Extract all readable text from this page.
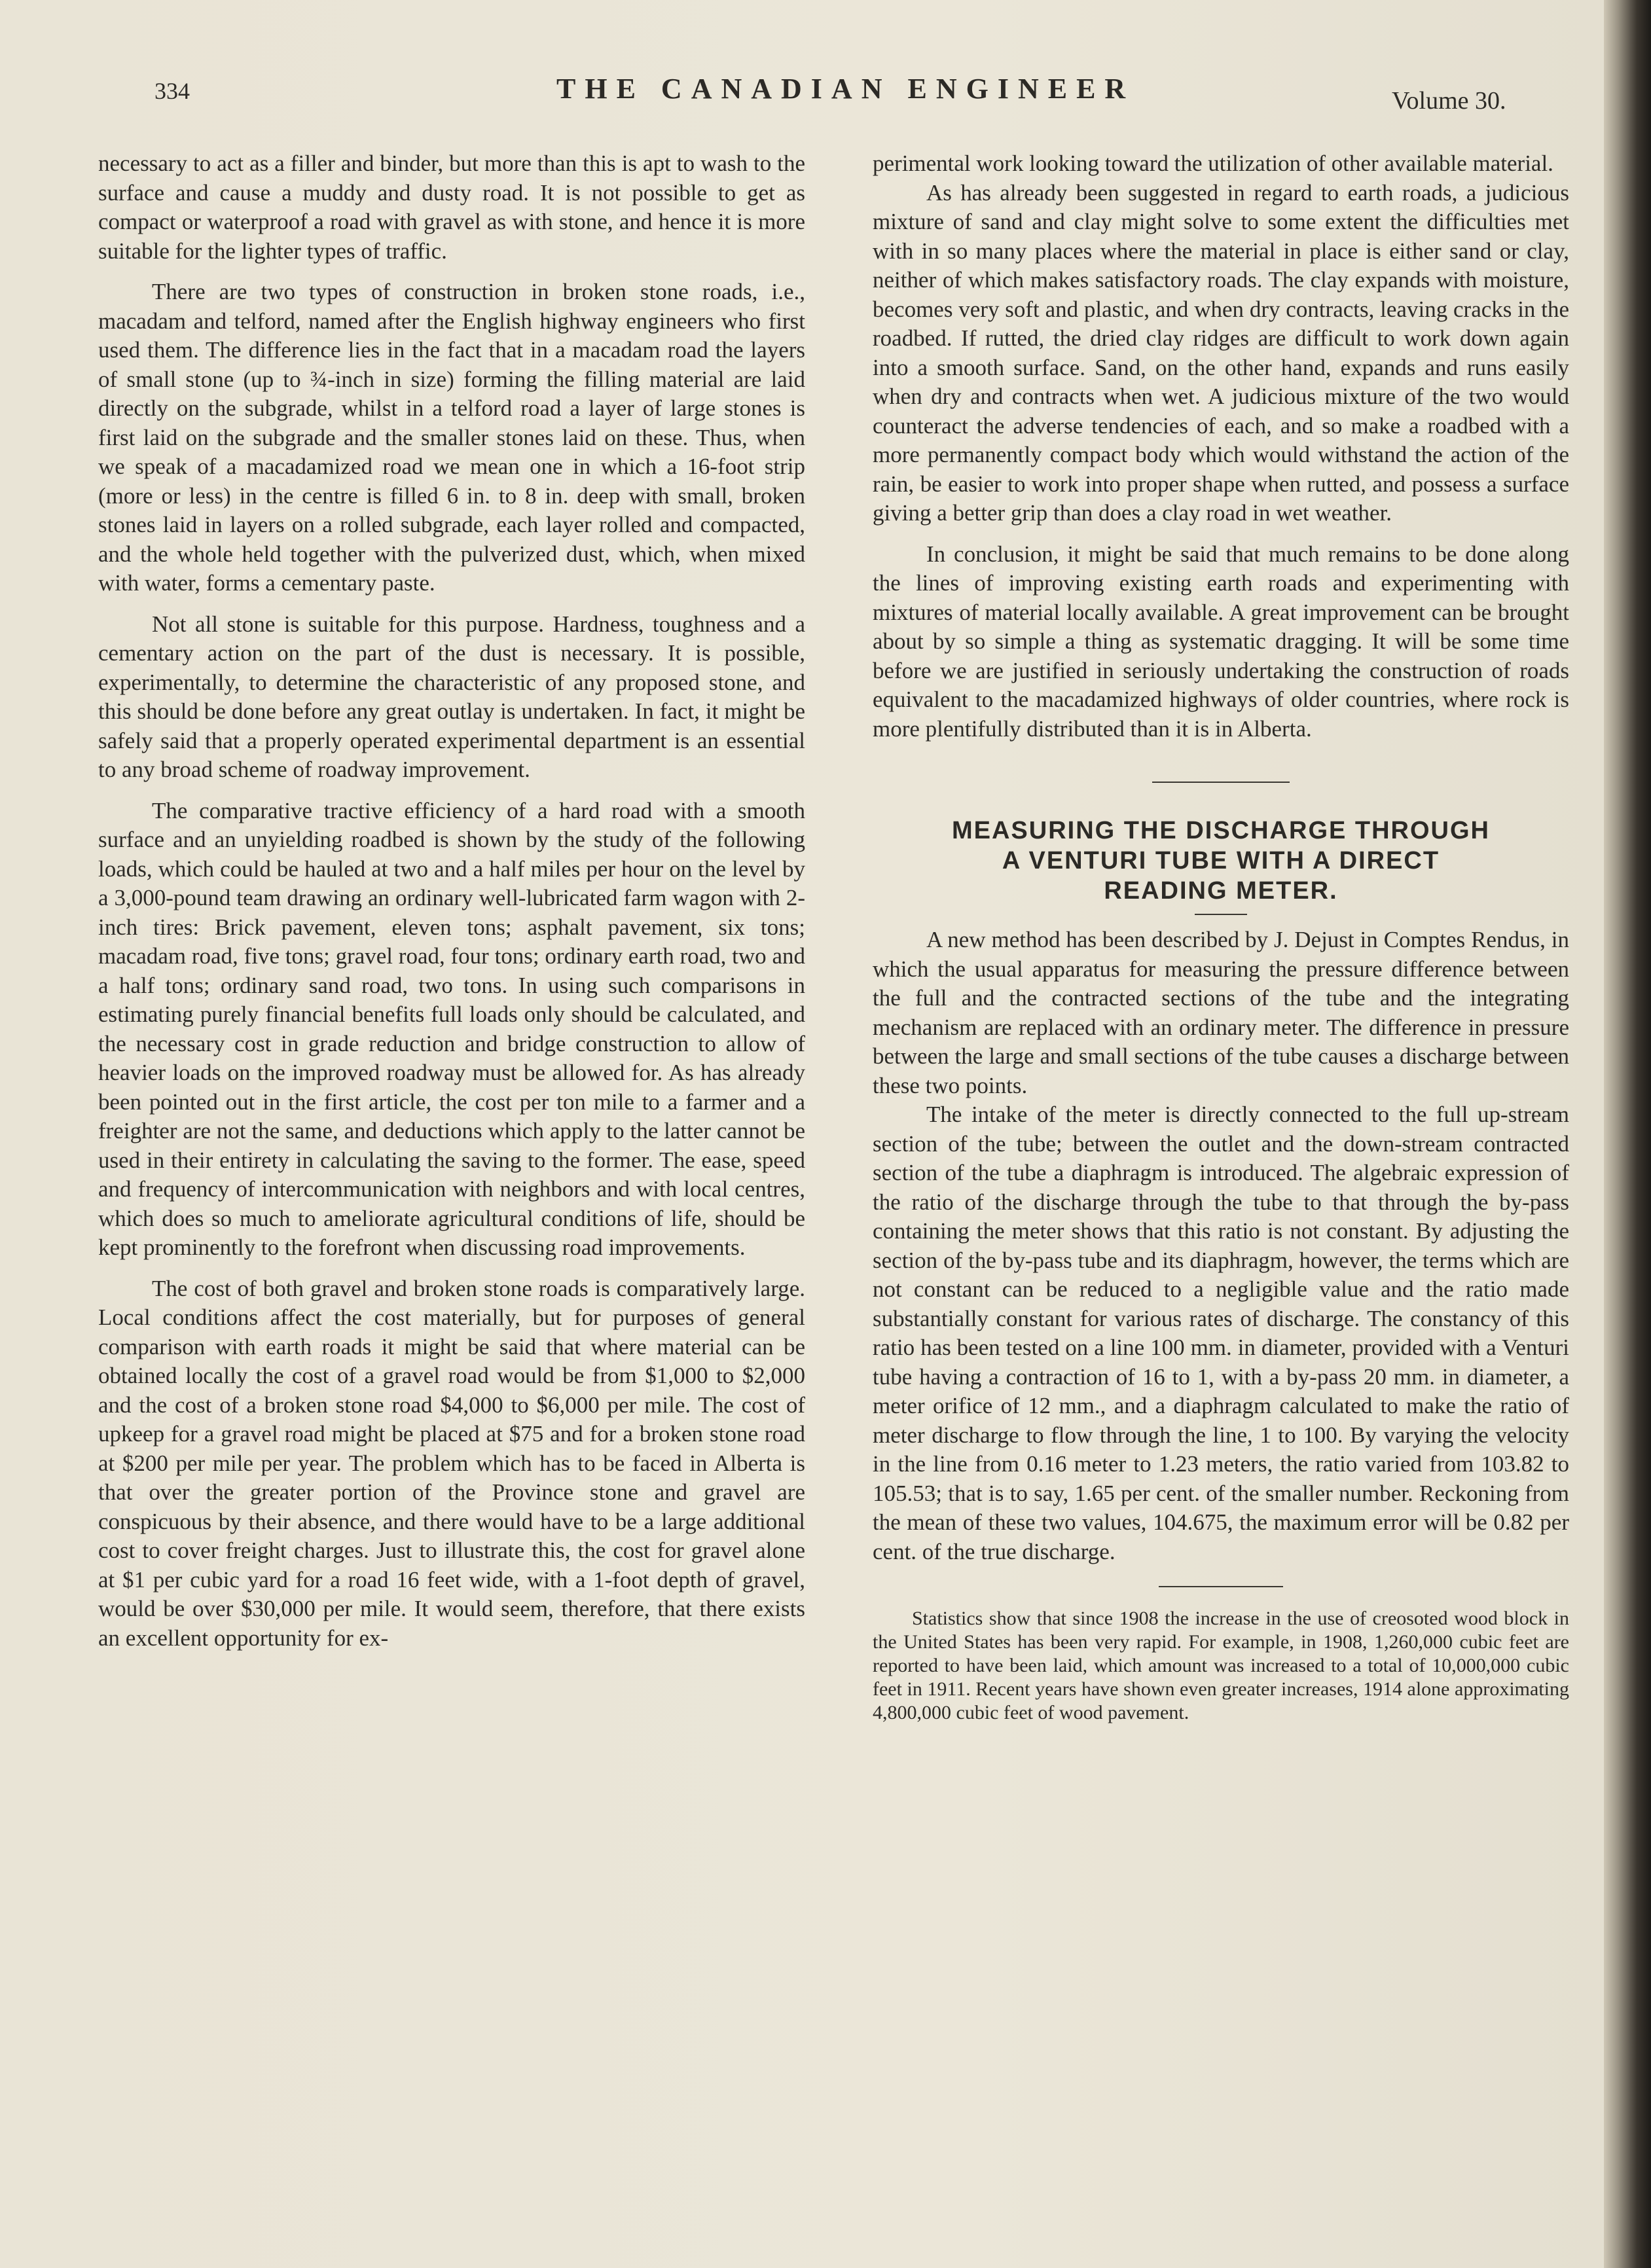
334	THE CANADIAN ENGINEER	Volume 30.

necessary to act as a filler and binder, but more than this is apt to wash to the surface and cause a muddy and dusty road. It is not possible to get as compact or waterproof a road with gravel as with stone, and hence it is more suitable for the lighter types of traffic.

There are two types of construction in broken stone roads, i.e., macadam and telford, named after the English highway engineers who first used them. The difference lies in the fact that in a macadam road the layers of small stone (up to ¾-inch in size) forming the filling material are laid directly on the subgrade, whilst in a telford road a layer of large stones is first laid on the subgrade and the smaller stones laid on these. Thus, when we speak of a macadamized road we mean one in which a 16-foot strip (more or less) in the centre is filled 6 in. to 8 in. deep with small, broken stones laid in layers on a rolled subgrade, each layer rolled and compacted, and the whole held together with the pulverized dust, which, when mixed with water, forms a cementary paste.

Not all stone is suitable for this purpose. Hardness, toughness and a cementary action on the part of the dust is necessary. It is possible, experimentally, to determine the characteristic of any proposed stone, and this should be done before any great outlay is undertaken. In fact, it might be safely said that a properly operated experimental department is an essential to any broad scheme of roadway improvement.

The comparative tractive efficiency of a hard road with a smooth surface and an unyielding roadbed is shown by the study of the following loads, which could be hauled at two and a half miles per hour on the level by a 3,000-pound team drawing an ordinary well-lubricated farm wagon with 2-inch tires: Brick pavement, eleven tons; asphalt pavement, six tons; macadam road, five tons; gravel road, four tons; ordinary earth road, two and a half tons; ordinary sand road, two tons. In using such comparisons in estimating purely financial benefits full loads only should be calculated, and the necessary cost in grade reduction and bridge construction to allow of heavier loads on the improved roadway must be allowed for. As has already been pointed out in the first article, the cost per ton mile to a farmer and a freighter are not the same, and deductions which apply to the latter cannot be used in their entirety in calculating the saving to the former. The ease, speed and frequency of intercommunication with neighbors and with local centres, which does so much to ameliorate agricultural conditions of life, should be kept prominently to the forefront when discussing road improvements.

The cost of both gravel and broken stone roads is comparatively large. Local conditions affect the cost materially, but for purposes of general comparison with earth roads it might be said that where material can be obtained locally the cost of a gravel road would be from $1,000 to $2,000 and the cost of a broken stone road $4,000 to $6,000 per mile. The cost of upkeep for a gravel road might be placed at $75 and for a broken stone road at $200 per mile per year. The problem which has to be faced in Alberta is that over the greater portion of the Province stone and gravel are conspicuous by their absence, and there would have to be a large additional cost to cover freight charges. Just to illustrate this, the cost for gravel alone at $1 per cubic yard for a road 16 feet wide, with a 1-foot depth of gravel, would be over $30,000 per mile. It would seem, therefore, that there exists an excellent opportunity for ex-

perimental work looking toward the utilization of other available material.

As has already been suggested in regard to earth roads, a judicious mixture of sand and clay might solve to some extent the difficulties met with in so many places where the material in place is either sand or clay, neither of which makes satisfactory roads. The clay expands with moisture, becomes very soft and plastic, and when dry contracts, leaving cracks in the roadbed. If rutted, the dried clay ridges are difficult to work down again into a smooth surface. Sand, on the other hand, expands and runs easily when dry and contracts when wet. A judicious mixture of the two would counteract the adverse tendencies of each, and so make a roadbed with a more permanently compact body which would withstand the action of the rain, be easier to work into proper shape when rutted, and possess a surface giving a better grip than does a clay road in wet weather.

In conclusion, it might be said that much remains to be done along the lines of improving existing earth roads and experimenting with mixtures of material locally available. A great improvement can be brought about by so simple a thing as systematic dragging. It will be some time before we are justified in seriously undertaking the construction of roads equivalent to the macadamized highways of older countries, where rock is more plentifully distributed than it is in Alberta.

MEASURING THE DISCHARGE THROUGH

A VENTURI TUBE WITH A DIRECT

READING METER.

A new method has been described by J. Dejust in Comptes Rendus, in which the usual apparatus for measuring the pressure difference between the full and the contracted sections of the tube and the integrating mechanism are replaced with an ordinary meter. The difference in pressure between the large and small sections of the tube causes a discharge between these two points.

The intake of the meter is directly connected to the full up-stream section of the tube; between the outlet and the down-stream contracted section of the tube a diaphragm is introduced. The algebraic expression of the ratio of the discharge through the tube to that through the by-pass containing the meter shows that this ratio is not constant. By adjusting the section of the by-pass tube and its diaphragm, however, the terms which are not constant can be reduced to a negligible value and the ratio made substantially constant for various rates of discharge. The constancy of this ratio has been tested on a line 100 mm. in diameter, provided with a Venturi tube having a contraction of 16 to 1, with a by-pass 20 mm. in diameter, a meter orifice of 12 mm., and a diaphragm calculated to make the ratio of meter discharge to flow through the line, 1 to 100. By varying the velocity in the line from 0.16 meter to 1.23 meters, the ratio varied from 103.82 to 105.53; that is to say, 1.65 per cent. of the smaller number. Reckoning from the mean of these two values, 104.675, the maximum error will be 0.82 per cent. of the true discharge.

Statistics show that since 1908 the increase in the use of creosoted wood block in the United States has been very rapid. For example, in 1908, 1,260,000 cubic feet are reported to have been laid, which amount was increased to a total of 10,000,000 cubic feet in 1911. Recent years have shown even greater increases, 1914 alone approximating 4,800,000 cubic feet of wood pavement.
